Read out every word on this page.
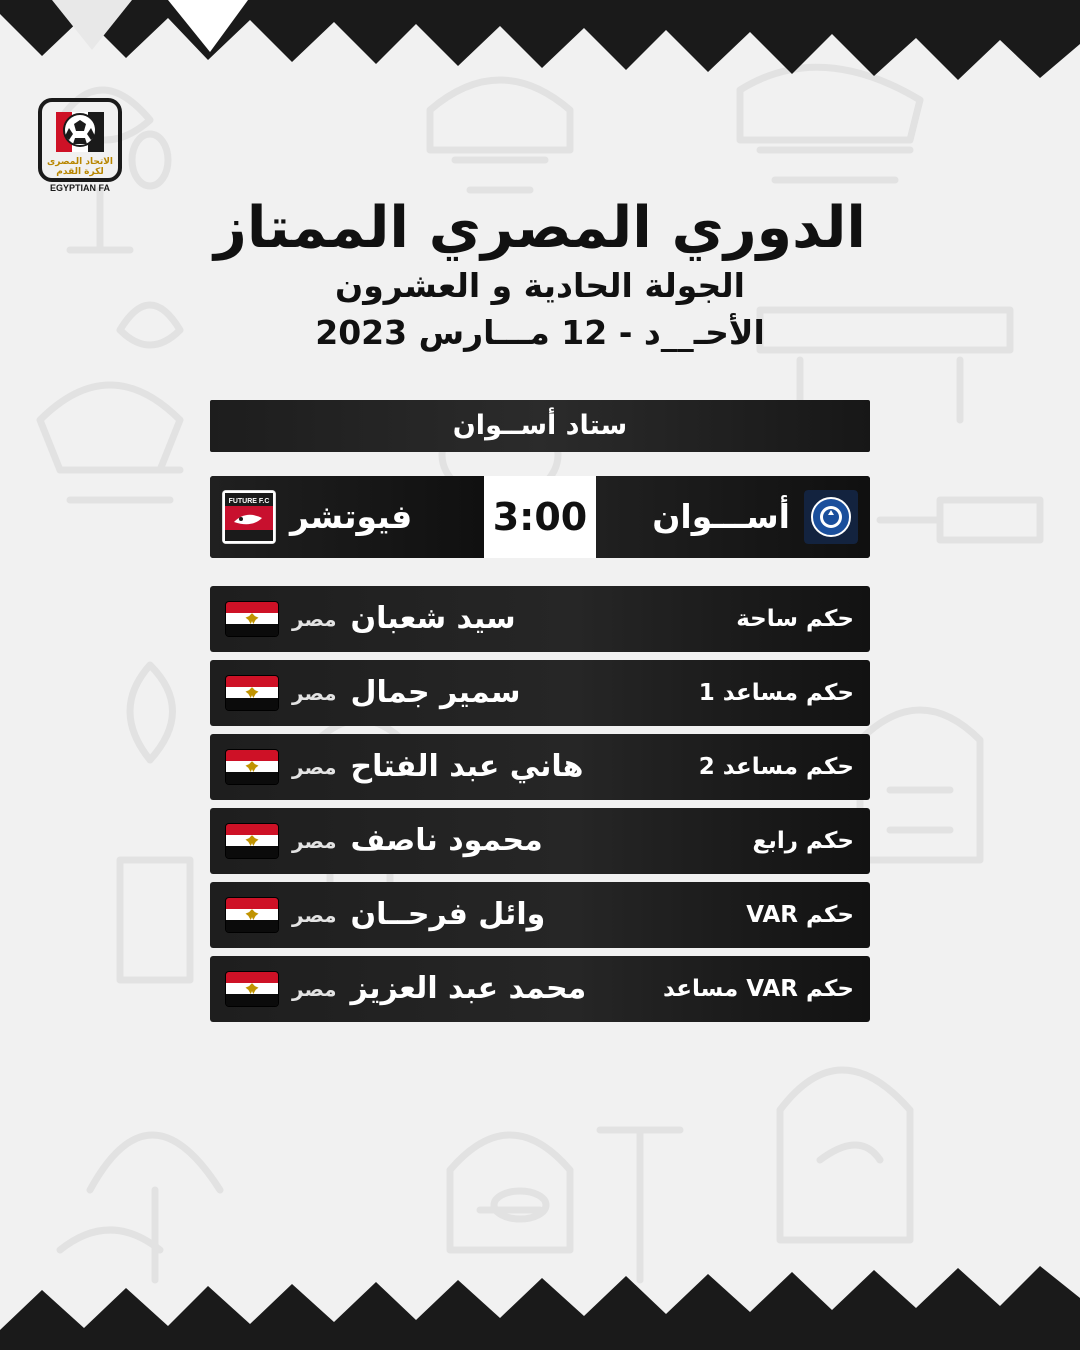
الاتحاد المصرى
لكرة القدم
EGYPTIAN FA
الدوري المصري الممتاز
الجولة الحادية و العشرون
الأحـ__د - 12 مـــارس 2023
ستاد أســوان
أســـوان
3:00
فيوتشر
FUTURE F.C
حكم ساحة
سيد شعبان
مصر
حكم مساعد 1
سمير جمال
مصر
حكم مساعد 2
هاني عبد الفتاح
مصر
حكم رابع
محمود ناصف
مصر
حكم VAR
وائل فرحــان
مصر
حكم VAR مساعد
محمد عبد العزيز
مصر
